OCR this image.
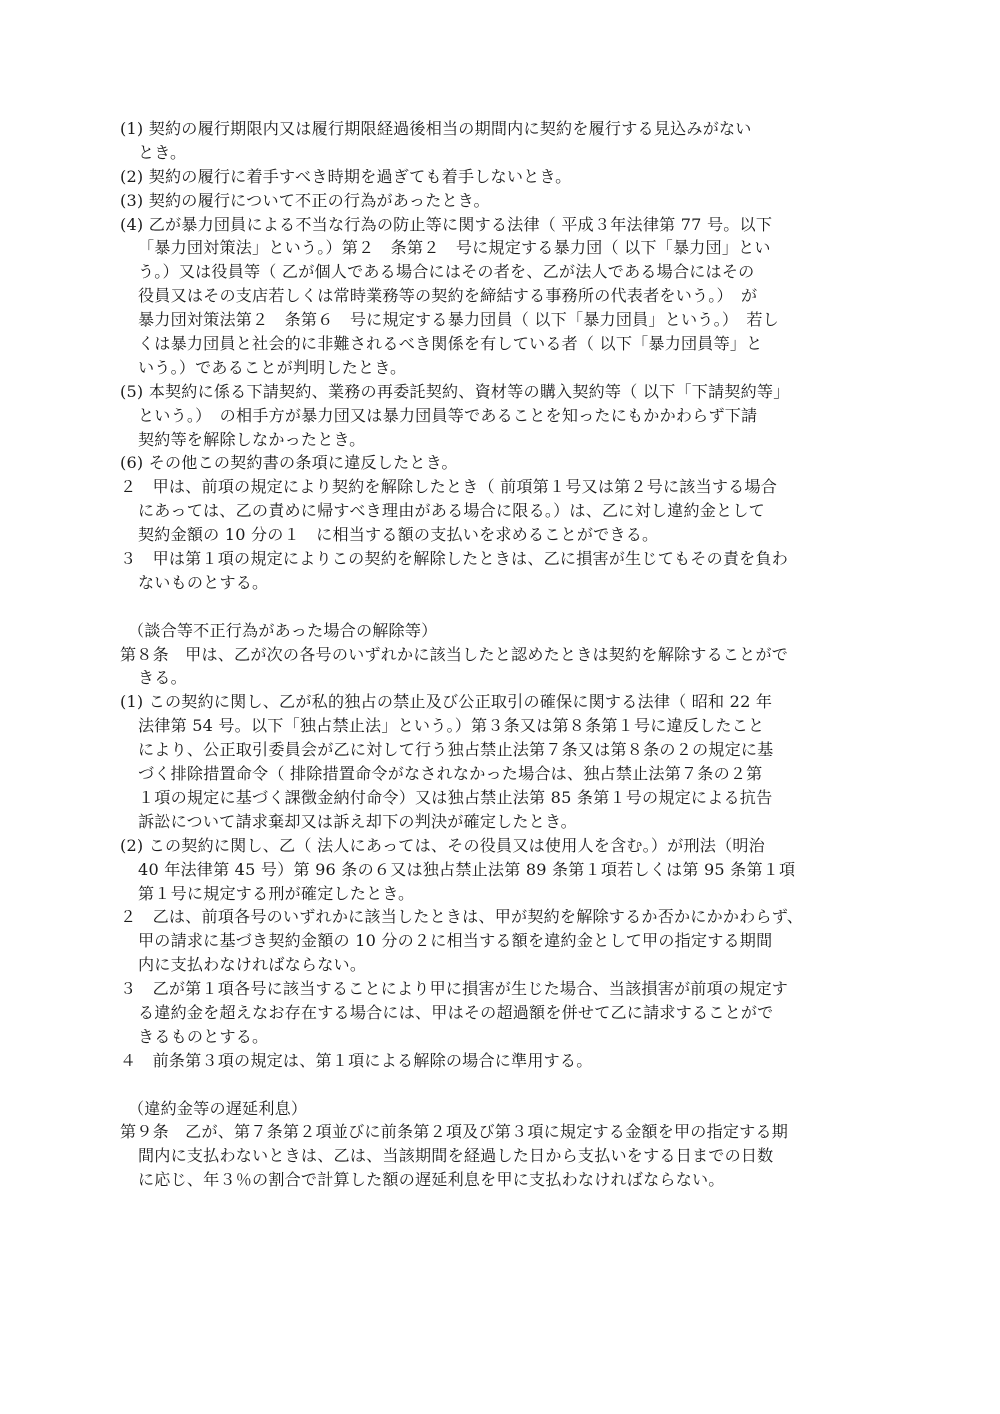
(1) 契約の履行期限内又は履行期限経過後相当の期間内に契約を履行する見込みがない
とき。
(2) 契約の履行に着手すべき時期を過ぎても着手しないとき。
(3) 契約の履行について不正の行為があったとき。
(4) 乙が暴力団員による不当な行為の防止等に関する法律（ 平成３年法律第 77 号。以下
「暴力団対策法」という。）第２　条第２　号に規定する暴力団（ 以下「暴力団」とい
う。）又は役員等（ 乙が個人である場合にはその者を、乙が法人である場合にはその
役員又はその支店若しくは常時業務等の契約を締結する事務所の代表者をいう。）　が
暴力団対策法第２　条第６　号に規定する暴力団員（ 以下「暴力団員」という。）　若し
くは暴力団員と社会的に非難されるべき関係を有している者（ 以下「暴力団員等」と
いう。）であることが判明したとき。
(5) 本契約に係る下請契約、業務の再委託契約、資材等の購入契約等（ 以下「下請契約等」
という。）　の相手方が暴力団又は暴力団員等であることを知ったにもかかわらず下請
契約等を解除しなかったとき。
(6) その他この契約書の条項に違反したとき。
２　甲は、前項の規定により契約を解除したとき（ 前項第１号又は第２号に該当する場合
にあっては、乙の責めに帰すべき理由がある場合に限る。）は、乙に対し違約金として
契約金額の 10 分の１　に相当する額の支払いを求めることができる。
３　甲は第１項の規定によりこの契約を解除したときは、乙に損害が生じてもその責を負わ
ないものとする。
（談合等不正行為があった場合の解除等）
第８条　甲は、乙が次の各号のいずれかに該当したと認めたときは契約を解除することがで
きる。
(1) この契約に関し、乙が私的独占の禁止及び公正取引の確保に関する法律（ 昭和 22 年
法律第 54 号。以下「独占禁止法」という。）第３条又は第８条第１号に違反したこと
により、公正取引委員会が乙に対して行う独占禁止法第７条又は第８条の２の規定に基
づく排除措置命令（ 排除措置命令がなされなかった場合は、独占禁止法第７条の２第
１項の規定に基づく課徴金納付命令）又は独占禁止法第 85 条第１号の規定による抗告
訴訟について請求棄却又は訴え却下の判決が確定したとき。
(2) この契約に関し、乙（ 法人にあっては、その役員又は使用人を含む。）が刑法（明治
40 年法律第 45 号）第 96 条の６又は独占禁止法第 89 条第１項若しくは第 95 条第１項
第１号に規定する刑が確定したとき。
２　乙は、前項各号のいずれかに該当したときは、甲が契約を解除するか否かにかかわらず、
甲の請求に基づき契約金額の 10 分の２に相当する額を違約金として甲の指定する期間
内に支払わなければならない。
３　乙が第１項各号に該当することにより甲に損害が生じた場合、当該損害が前項の規定す
る違約金を超えなお存在する場合には、甲はその超過額を併せて乙に請求することがで
きるものとする。
４　前条第３項の規定は、第１項による解除の場合に準用する。
（違約金等の遅延利息）
第９条　乙が、第７条第２項並びに前条第２項及び第３項に規定する金額を甲の指定する期
間内に支払わないときは、乙は、当該期間を経過した日から支払いをする日までの日数
に応じ、年３％の割合で計算した額の遅延利息を甲に支払わなければならない。
